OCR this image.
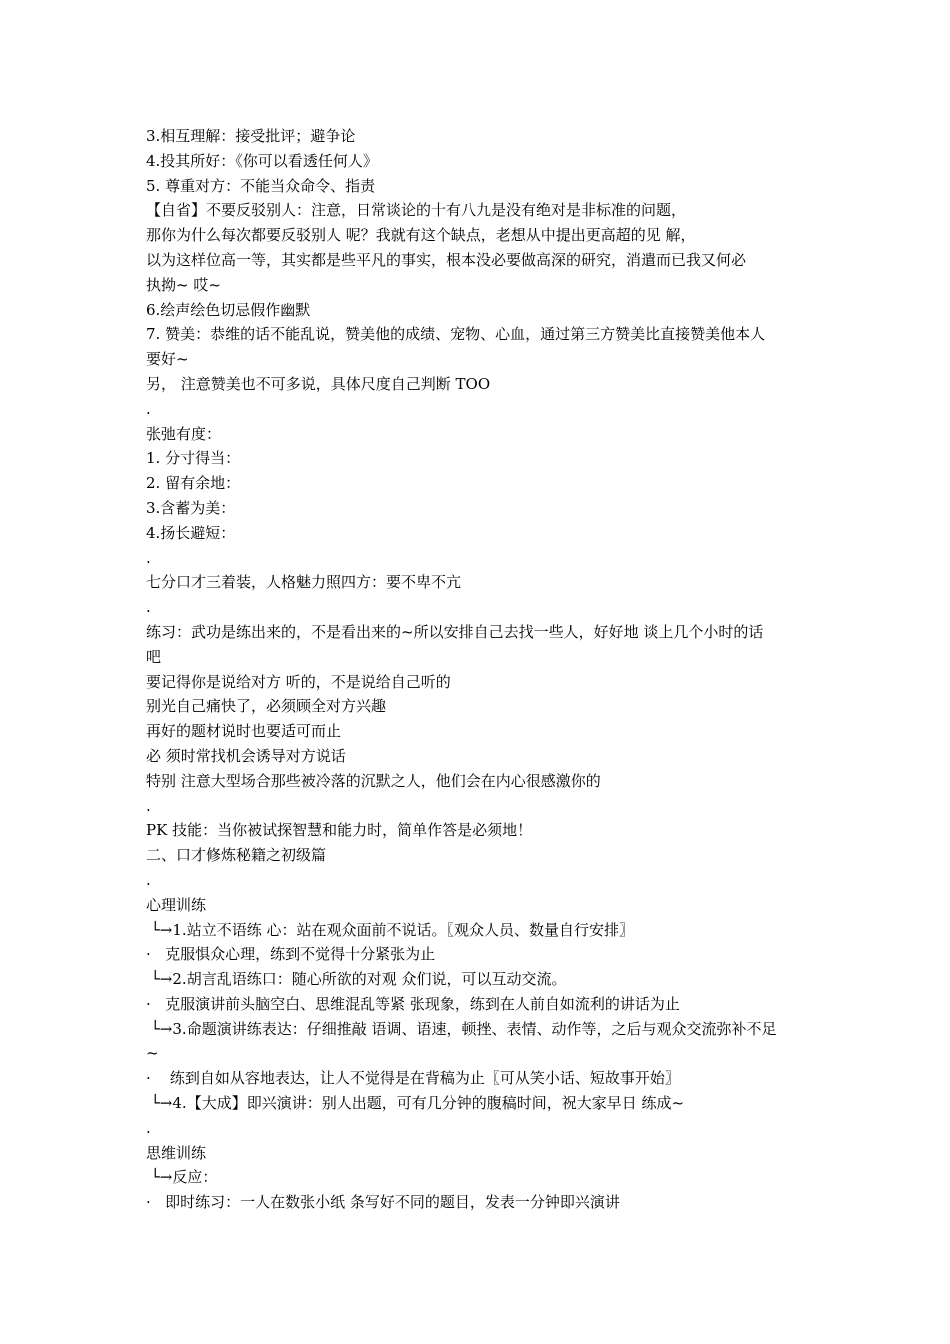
3.相互理解：接受批评；避争论

4.投其所好：《你可以看透任何人》

5. 尊重对方：不能当众命令、指责

【自省】不要反驳别人：注意，日常谈论的十有八九是没有绝对是非标准的问题，

那你为什么每次都要反驳别人 呢？我就有这个缺点，老想从中提出更高超的见 解，

以为这样位高一等，其实都是些平凡的事实，根本没必要做高深的研究，消遣而已我又何必

执拗~ 哎~

6.绘声绘色切忌假作幽默

7. 赞美：恭维的话不能乱说，赞美他的成绩、宠物、心血，通过第三方赞美比直接赞美他本人

要好~

另， 注意赞美也不可多说，具体尺度自己判断 TOO

.

张弛有度：

1. 分寸得当：

2. 留有余地：

3.含蓄为美：

4.扬长避短：

.

七分口才三着装，人格魅力照四方：要不卑不亢

.

练习：武功是练出来的，不是看出来的~所以安排自己去找一些人，好好地 谈上几个小时的话

吧

要记得你是说给对方 听的，不是说给自己听的

别光自己痛快了，必须顾全对方兴趣

再好的题材说时也要适可而止

必 须时常找机会诱导对方说话

特别 注意大型场合那些被冷落的沉默之人，他们会在内心很感激你的

.

PK 技能：当你被试探智慧和能力时，简单作答是必须地！

二、口才修炼秘籍之初级篇

.

心理训练

└→1.站立不语练 心：站在观众面前不说话。〖观众人员、数量自行安排〗

·   克服惧众心理，练到不觉得十分紧张为止

└→2.胡言乱语练口：随心所欲的对观 众们说，可以互动交流。

·   克服演讲前头脑空白、思维混乱等紧 张现象，练到在人前自如流利的讲话为止

└→3.命题演讲练表达：仔细推敲 语调、语速，顿挫、表情、动作等，之后与观众交流弥补不足

~

·    练到自如从容地表达，让人不觉得是在背稿为止〖可从笑小话、短故事开始〗

└→4.【大成】即兴演讲：别人出题，可有几分钟的腹稿时间，祝大家早日 练成~

.

思维训练

└→反应：

·   即时练习：一人在数张小纸 条写好不同的题目，发表一分钟即兴演讲
